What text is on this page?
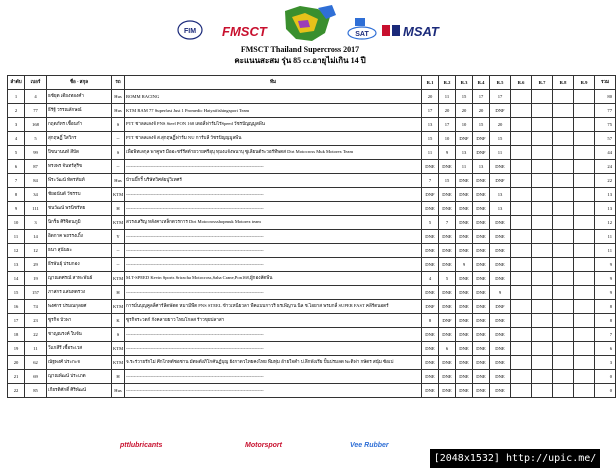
FIM FMSCT	SAT	MSAT
FMSCT Thailand Supercross 2017
คะแนนสะสม รุ่น 85 cc.อายุไม่เกิน 14 ปี
ลำดับ	เบอร์	ชื่อ - สกุล	รถ	ทีม	R.1	R.2	R.3	R.4	R.5	R.6	R.7	R.8	R.9	รวม
1	4	ธชัยุต เดียงทองคำ	Hus	ROMM RACING	20	11	15	17	17					80
2	77	ธีรัฐ์ วรรณลักษณ์	Hus	KTM RAM 77 Superfast Just 1 Promedic Hatyaifishingsport Team	17	20	20	20	DNF					77
3	168	กฤตภัทร เชื้อนกำ	S	PTT ชาลลเลงจ์ PNS Steel PON 168 เดอลี่ฟาร์มไร่Speed วัชรปัญญมูลพีน	13	17	10	15	20					75
4	5	สุกฤษฏิ์ ใสวิกร	--	PTT ชาลลเลงจ์ ส.สุกฤษฏิ์ฟาร์ม NU การ์บลี วัชรปัญญมูลพีน	15	10	DNF	DNF	15					57
5	99	ปิขนานนท์ สีปัด	S	เพื่อพิทเลกุล พาคูพร มืออะชร์รีสด้ายวายศรีอุบุ ทุมงแจ้งพนาบุ ซูเลียนต์ระวอร์ทีพดส Dirt Motocross Muk Motorex Team	11	9	13	DNF	11					44
6	87	ทรงพร จันทร์สุริข	--	------------------------------------------------------------------------------------------	DNE	DNE	11	13	DNE					24
7	84	พีระวัฒน์ ทัดรทันท์	Hus	บ้านบิ๊กรี้ บริษัทวิศลัยปูวิเทศร์	7	15	DNE	DNE	DNF					22
8	34	ชัยอนันต์ วัชรรบ	KTM	------------------------------------------------------------------------------------------	DNF	DNE	DNE	DNE	13					13
9	111	ชนวัฒน์ พรนิชรัทย	H	------------------------------------------------------------------------------------------	DNE	DNE	DNE	DNE	13					13
10	3	นิกร็ธ ศิริจิดนภูมิ	KTM	สวรงเสริญ หลังคาเหล็กตวรการ Dirt Motocrossshopmuk Motorex team	5	7	DNE	DNE	DNE					12
11	14	อิดกาค พถรรงเถิ้ง	Y	------------------------------------------------------------------------------------------	DNE	DNE	DNE	DNE	DNE					11
12	12	ธนา สุนันธะ	--	------------------------------------------------------------------------------------------	DNE	DNE	DNE	DNE	DNE					11
13	29	ธีรพันธุ์ ปรมกอง	--	------------------------------------------------------------------------------------------	DNE	DNE	9	DNE	DNE					9
14	19	ญาณดศรณ์ สาทะพันธ์	KTM	M.T-SPEED Kevin Sports Sriracha Motocross,Saha Crane,Pon168,ผู้กองสัตพีน	4	5	DNE	DNE	DNE					9
15	157	ภาสกร แสนทตรวง	H	------------------------------------------------------------------------------------------	DNE	DNE	DNE	DNE	9					9
16	74	พงศกร ปรมณกุลยศ	KTM	การมั่นบุญคูลลี่ศาร์ลีดพัตต หมามีพืต PNS STEEL ข้าวเหนียวลา พืคแบบกาวริ ธรเพีญาน นิล ช.ไอยาส พรมกลี่ SUPER FAST คลีร์ดนอดร์	DNF	DNE	DNE	DNE	DNF					8
17	23	ซูรกิจ บัวพา	K	ซูรกิจระวดก์ กังคลายยาว ไทมโกลส ร้าวขุยปลาสา	8	DNF	DNE	DNE	DNE					8
18	22	ชาญณรงค์ ใบจัน	S	------------------------------------------------------------------------------------------	DNE	DNE	DNE	DNE	DNE					7
19	11	วีแกสีรี เชื้อระเวส	KTM	------------------------------------------------------------------------------------------	DNE	6	DNE	DNE	DNE					6
20	62	ณัฐพงศ์ ประกะจ	KTM	จ.ระร่วายรักไม่ ศีกโกทตัชอชาน มัตพดังภิโกคันฏ์บุญ ยังกาดวไทยคงไทย พืมทุ่ม อ้ายใจดำ ป.ลึกพังเรีย ปั้นปรมลด พะติฟา กษัตร สนุ้ม ซ้อเป	DNE	DNE	DNE	DNE	DNE					3
21	69	ญาณพัฒน์ ประเภต	H	------------------------------------------------------------------------------------------	DNE	DNE	DNE	DNE	DNE					0
22	85	เกียรติศักดิ์ ศิริพัฒน์	Hus	------------------------------------------------------------------------------------------	DNE	DNE	DNE	DNE	DNE					0
pttlubricants	Motorsport	Vee Rubber
[2048x1532] http://upic.me/
